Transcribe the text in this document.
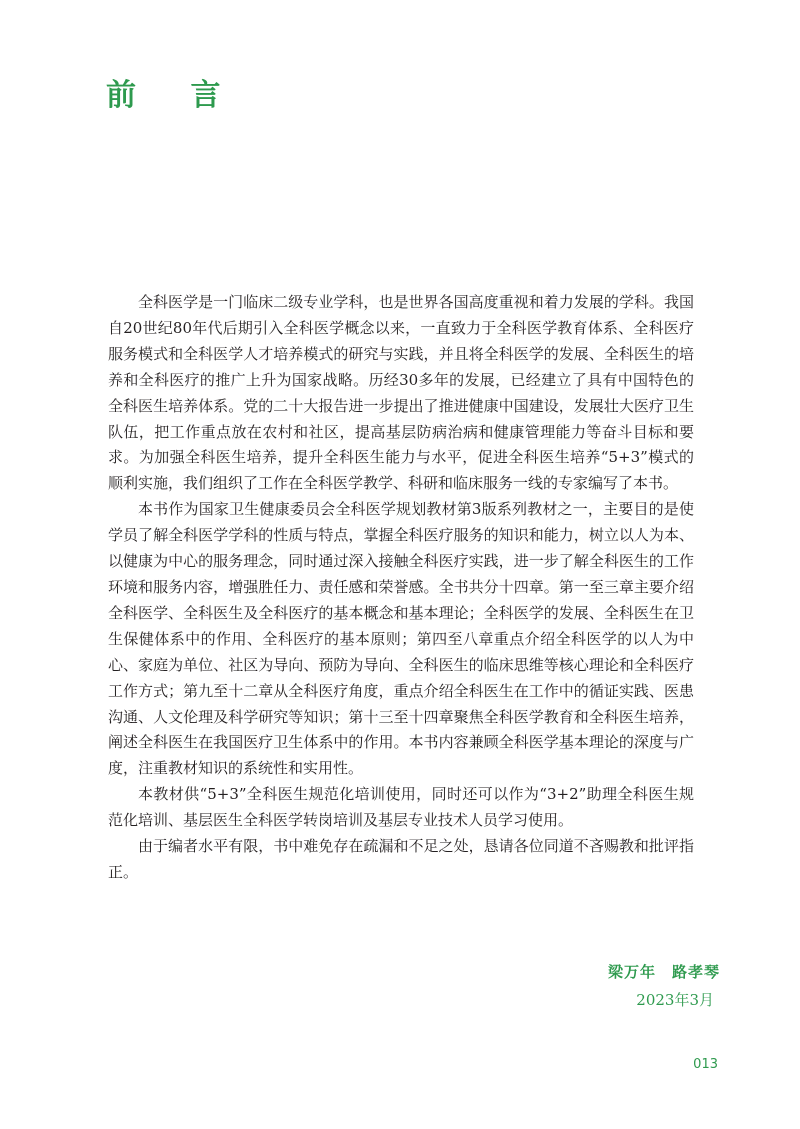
前 言

全科医学是一门临床二级专业学科，也是世界各国高度重视和着力发展的学科。我国自20世纪80年代后期引入全科医学概念以来，一直致力于全科医学教育体系、全科医疗服务模式和全科医学人才培养模式的研究与实践，并且将全科医学的发展、全科医生的培养和全科医疗的推广上升为国家战略。历经30多年的发展，已经建立了具有中国特色的全科医生培养体系。党的二十大报告进一步提出了推进健康中国建设，发展壮大医疗卫生队伍，把工作重点放在农村和社区，提高基层防病治病和健康管理能力等奋斗目标和要求。为加强全科医生培养，提升全科医生能力与水平，促进全科医生培养“5+3”模式的顺利实施，我们组织了工作在全科医学教学、科研和临床服务一线的专家编写了本书。

本书作为国家卫生健康委员会全科医学规划教材第3版系列教材之一，主要目的是使学员了解全科医学学科的性质与特点，掌握全科医疗服务的知识和能力，树立以人为本、以健康为中心的服务理念，同时通过深入接触全科医疗实践，进一步了解全科医生的工作环境和服务内容，增强胜任力、责任感和荣誉感。全书共分十四章。第一至三章主要介绍全科医学、全科医生及全科医疗的基本概念和基本理论；全科医学的发展、全科医生在卫生保健体系中的作用、全科医疗的基本原则；第四至八章重点介绍全科医学的以人为中心、家庭为单位、社区为导向、预防为导向、全科医生的临床思维等核心理论和全科医疗工作方式；第九至十二章从全科医疗角度，重点介绍全科医生在工作中的循证实践、医患沟通、人文伦理及科学研究等知识；第十三至十四章聚焦全科医学教育和全科医生培养，阐述全科医生在我国医疗卫生体系中的作用。本书内容兼顾全科医学基本理论的深度与广度，注重教材知识的系统性和实用性。

本教材供“5+3”全科医生规范化培训使用，同时还可以作为“3+2”助理全科医生规范化培训、基层医生全科医学转岗培训及基层专业技术人员学习使用。

由于编者水平有限，书中难免存在疏漏和不足之处，恳请各位同道不吝赐教和批评指正。

梁万年　路孝琴
2023年3月
013
